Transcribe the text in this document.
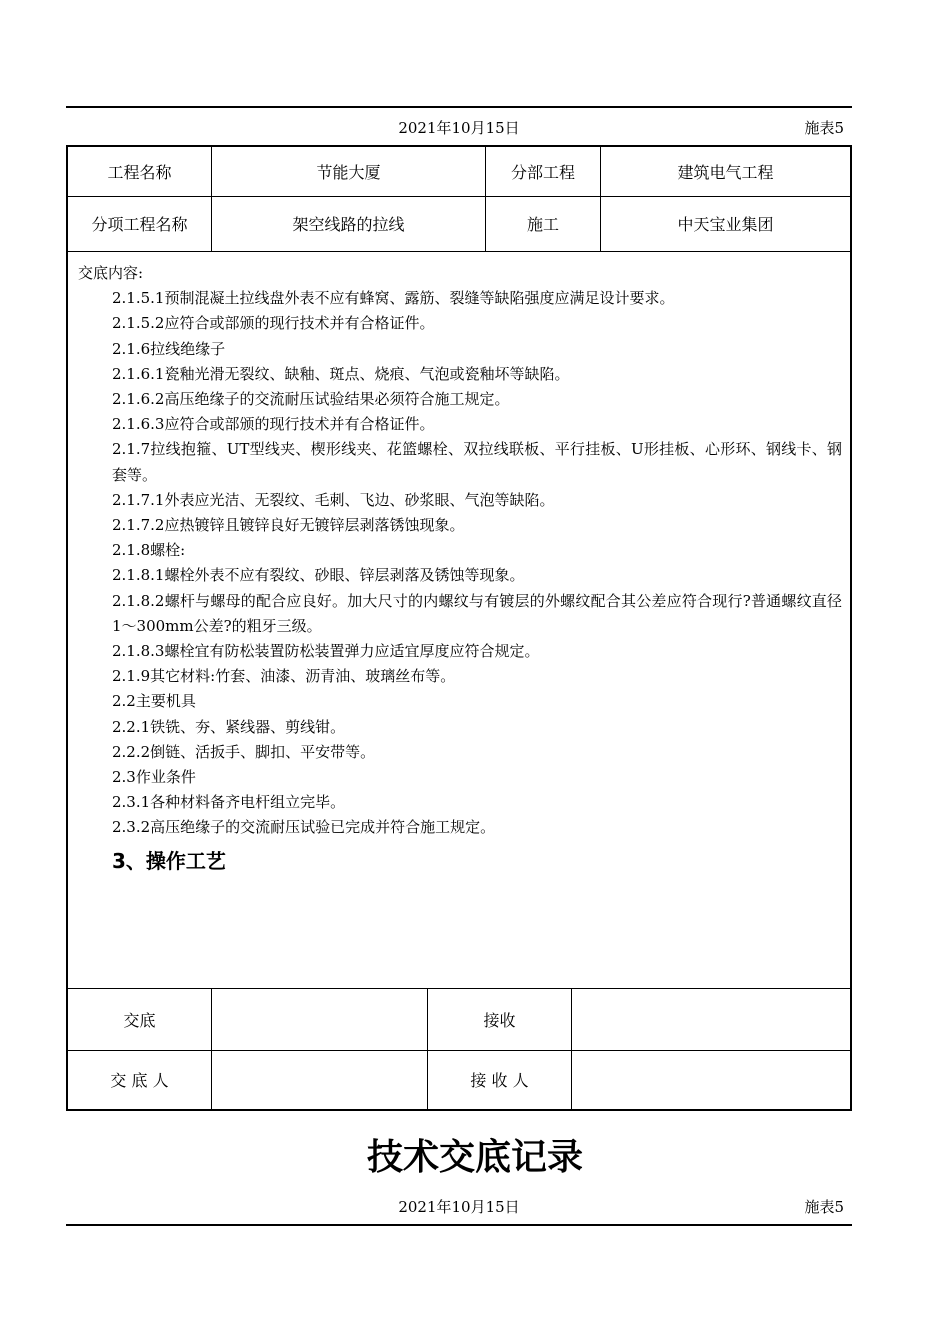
2021年10月15日	施表5
工程名称	节能大厦	分部工程	建筑电气工程
分项工程名称	架空线路的拉线	施工	中天宝业集团

交底内容:

2.1.5.1预制混凝土拉线盘外表不应有蜂窝、露筋、裂缝等缺陷强度应满足设计要求。

2.1.5.2应符合或部颁的现行技术并有合格证件。

2.1.6拉线绝缘子

2.1.6.1瓷釉光滑无裂纹、缺釉、斑点、烧痕、气泡或瓷釉坏等缺陷。

2.1.6.2高压绝缘子的交流耐压试验结果必须符合施工规定。

2.1.6.3应符合或部颁的现行技术并有合格证件。

2.1.7拉线抱箍、UT型线夹、楔形线夹、花篮螺栓、双拉线联板、平行挂板、U形挂板、心形环、钢线卡、钢套等。

2.1.7.1外表应光洁、无裂纹、毛刺、飞边、砂浆眼、气泡等缺陷。

2.1.7.2应热镀锌且镀锌良好无镀锌层剥落锈蚀现象。

2.1.8螺栓:

2.1.8.1螺栓外表不应有裂纹、砂眼、锌层剥落及锈蚀等现象。

2.1.8.2螺杆与螺母的配合应良好。加大尺寸的内螺纹与有镀层的外螺纹配合其公差应符合现行?普通螺纹直径1～300mm公差?的粗牙三级。

2.1.8.3螺栓宜有防松装置防松装置弹力应适宜厚度应符合规定。

2.1.9其它材料:竹套、油漆、沥青油、玻璃丝布等。

2.2主要机具

2.2.1铁铣、夯、紧线器、剪线钳。

2.2.2倒链、活扳手、脚扣、平安带等。

2.3作业条件

2.3.1各种材料备齐电杆组立完毕。

2.3.2高压绝缘子的交流耐压试验已完成并符合施工规定。

3、操作工艺

交底	接收
交 底 人	接 收 人
技术交底记录
2021年10月15日	施表5
